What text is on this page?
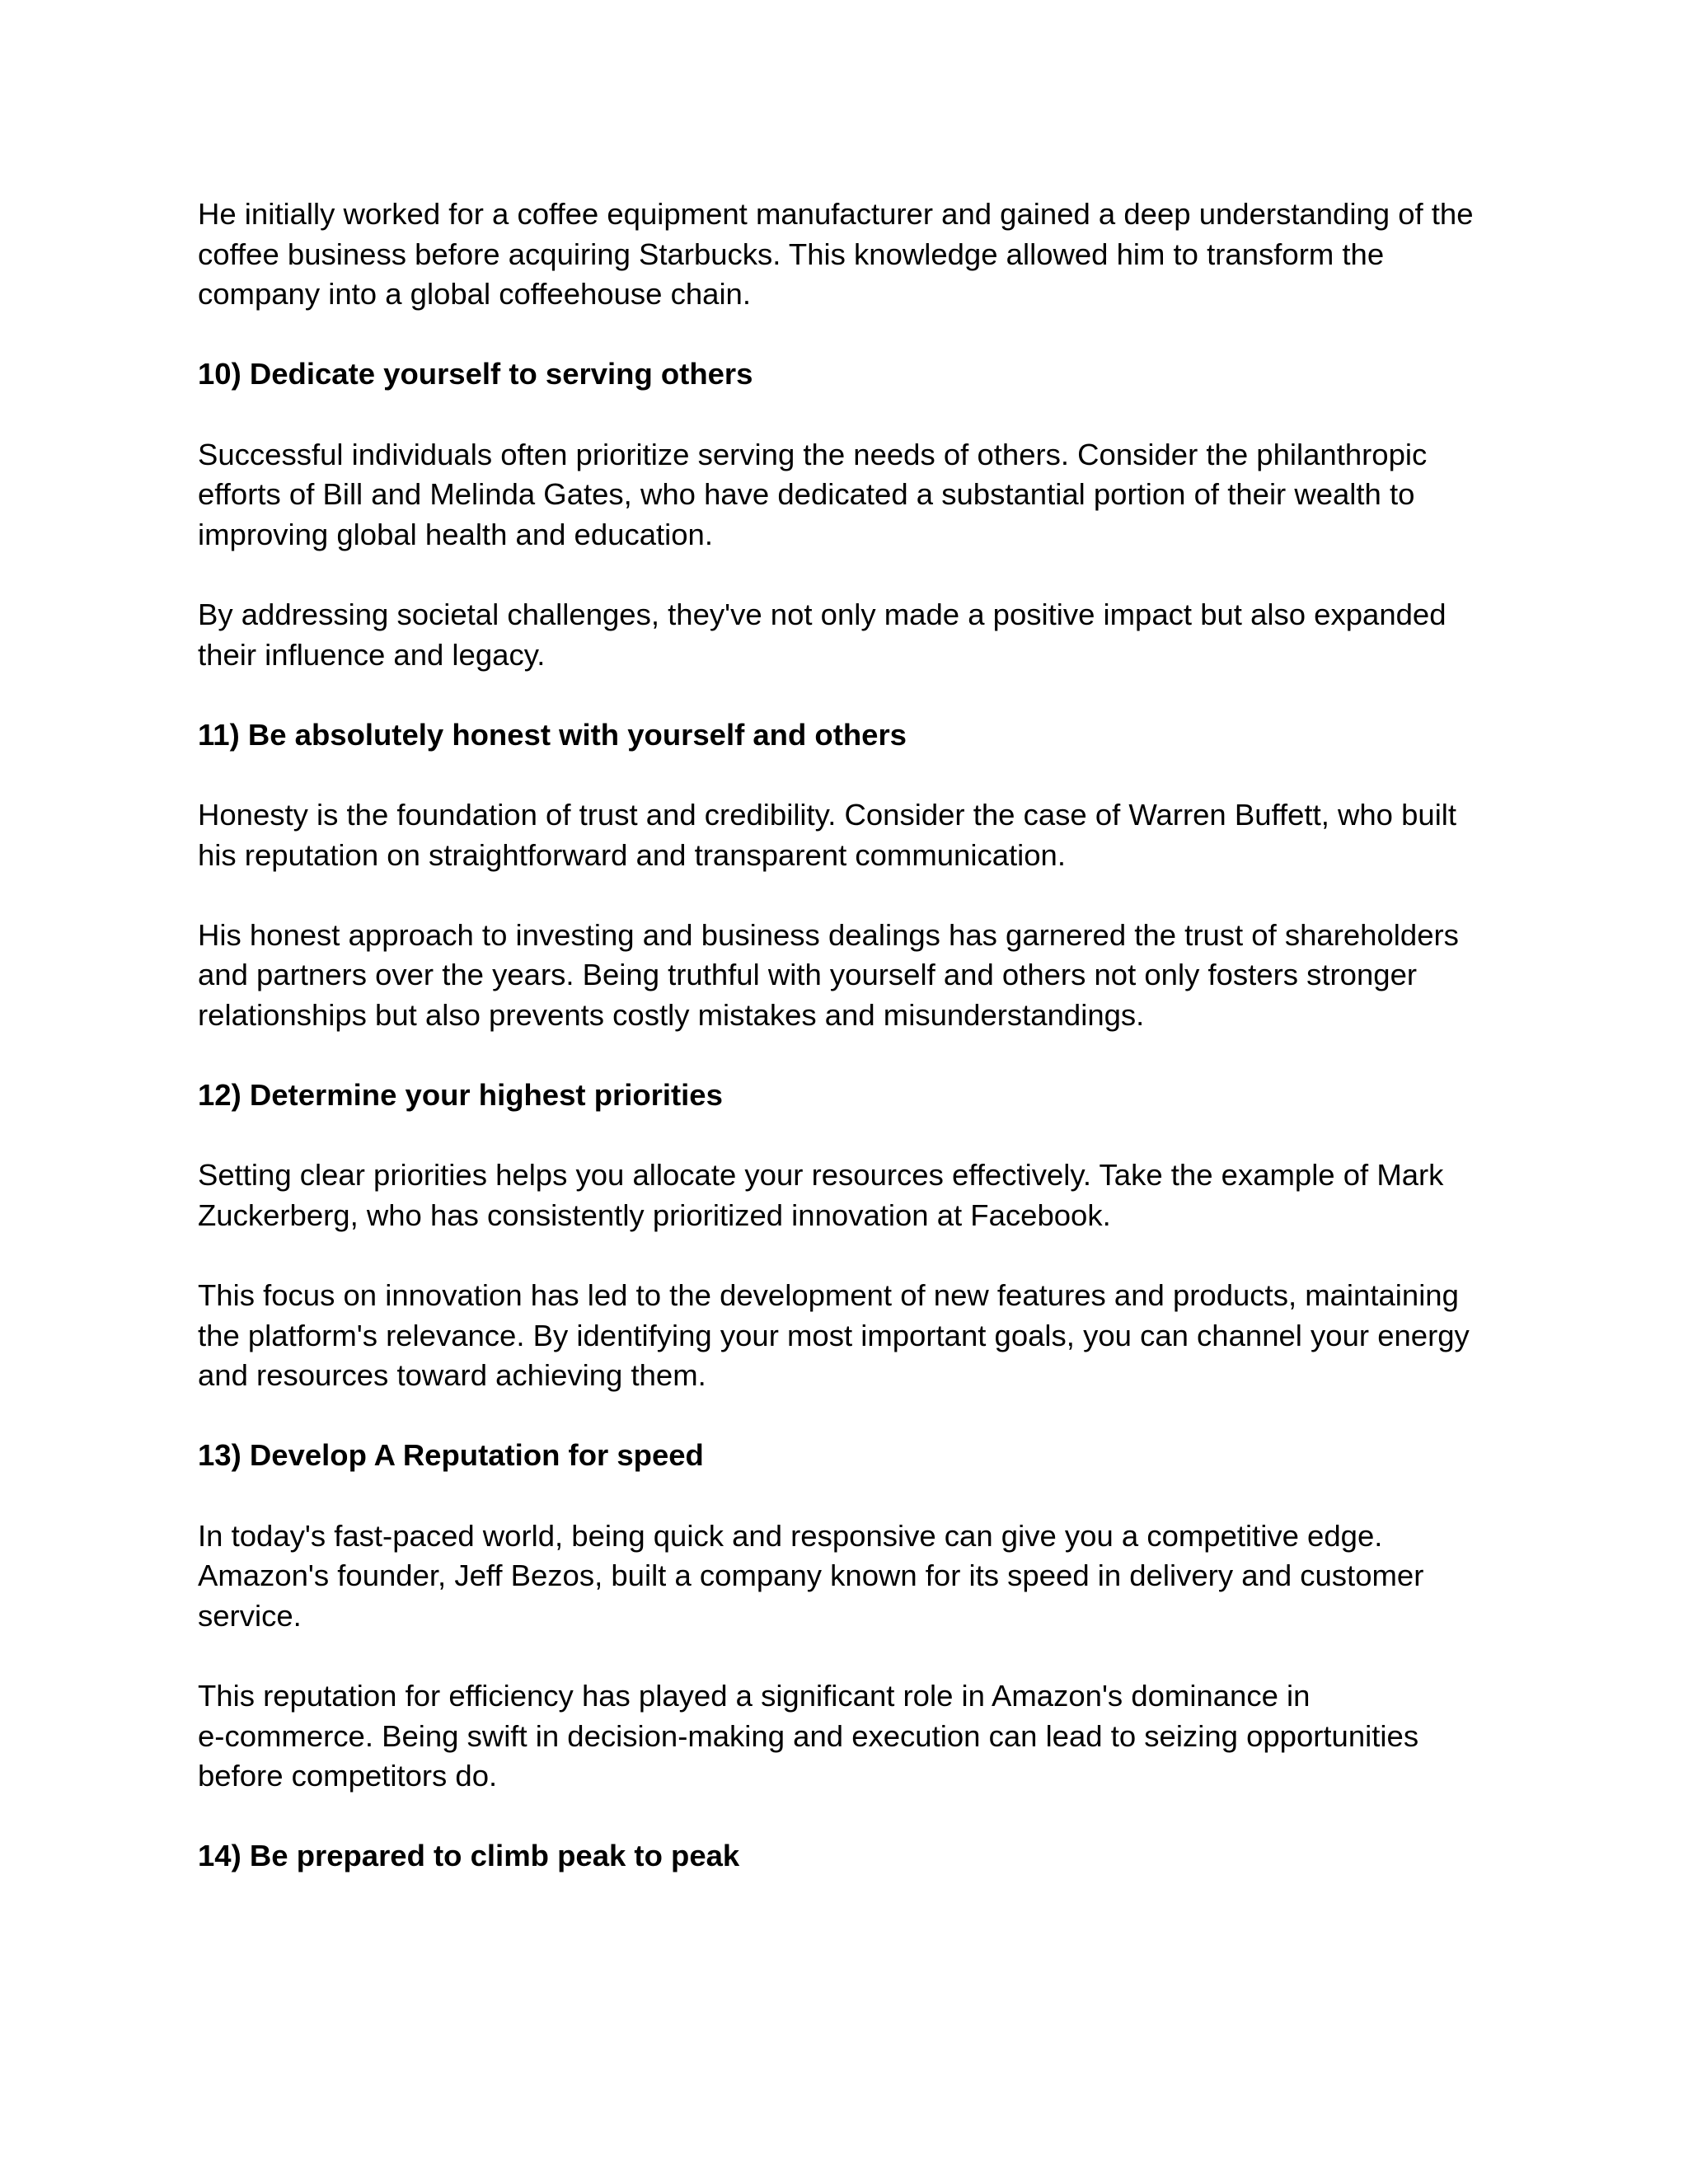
He initially worked for a coffee equipment manufacturer and gained a deep understanding of the
coffee business before acquiring Starbucks. This knowledge allowed him to transform the
company into a global coffeehouse chain.

10) Dedicate yourself to serving others

Successful individuals often prioritize serving the needs of others. Consider the philanthropic
efforts of Bill and Melinda Gates, who have dedicated a substantial portion of their wealth to
improving global health and education.

By addressing societal challenges, they've not only made a positive impact but also expanded
their influence and legacy.

11) Be absolutely honest with yourself and others

Honesty is the foundation of trust and credibility. Consider the case of Warren Buffett, who built
his reputation on straightforward and transparent communication.

His honest approach to investing and business dealings has garnered the trust of shareholders
and partners over the years. Being truthful with yourself and others not only fosters stronger
relationships but also prevents costly mistakes and misunderstandings.

12) Determine your highest priorities

Setting clear priorities helps you allocate your resources effectively. Take the example of Mark
Zuckerberg, who has consistently prioritized innovation at Facebook.

This focus on innovation has led to the development of new features and products, maintaining
the platform's relevance. By identifying your most important goals, you can channel your energy
and resources toward achieving them.

13) Develop A Reputation for speed

In today's fast-paced world, being quick and responsive can give you a competitive edge.
Amazon's founder, Jeff Bezos, built a company known for its speed in delivery and customer
service.

This reputation for efficiency has played a significant role in Amazon's dominance in
e-commerce. Being swift in decision-making and execution can lead to seizing opportunities
before competitors do.

14) Be prepared to climb peak to peak
